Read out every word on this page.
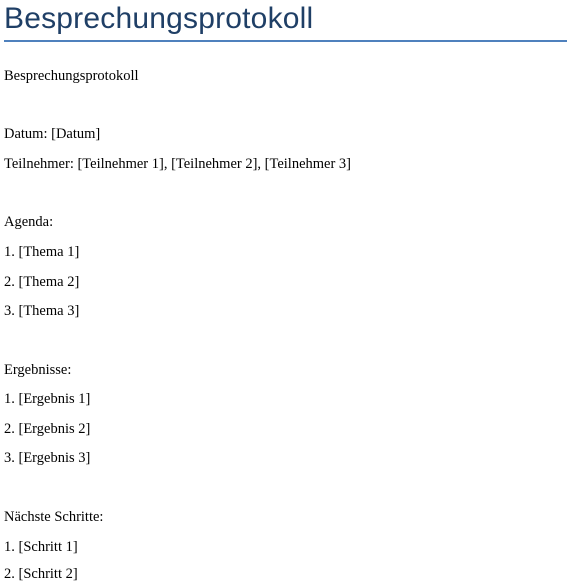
Besprechungsprotokoll

Besprechungsprotokoll

Datum: [Datum]

Teilnehmer: [Teilnehmer 1], [Teilnehmer 2], [Teilnehmer 3]

Agenda:

1. [Thema 1]

2. [Thema 2]

3. [Thema 3]

Ergebnisse:

1. [Ergebnis 1]

2. [Ergebnis 2]

3. [Ergebnis 3]

Nächste Schritte:

1. [Schritt 1]

2. [Schritt 2]
